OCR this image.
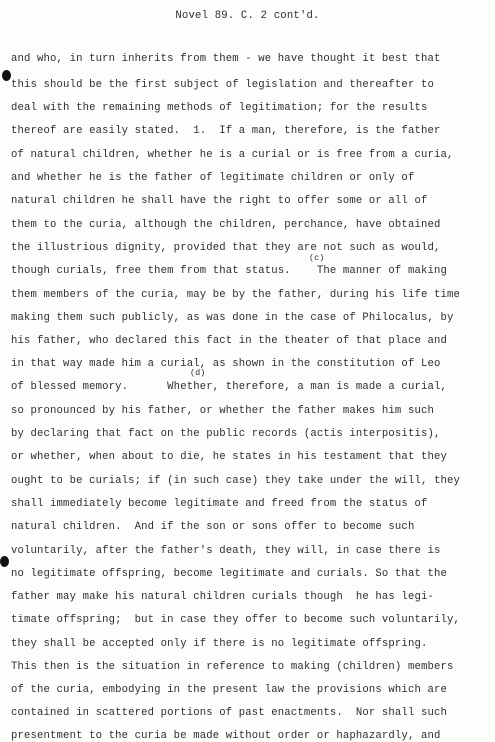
Novel 89. C. 2 cont'd.
and who, in turn inherits from them - we have thought it best that
this should be the first subject of legislation and thereafter to
deal with the remaining methods of legitimation; for the results
thereof are easily stated.  1.  If a man, therefore, is the father
of natural children, whether he is a curial or is free from a curia,
and whether he is the father of legitimate children or only of
natural children he shall have the right to offer some or all of
them to the curia, although the children, perchance, have obtained
the illustrious dignity, provided that they are not such as would,
(c)
though curials, free them from that status.    The manner of making
them members of the curia, may be by the father, during his life time
making them such publicly, as was done in the case of Philocalus, by
his father, who declared this fact in the theater of that place and
in that way made him a curial, as shown in the constitution of Leo
(d)
of blessed memory.      Whether, therefore, a man is made a curial,
so pronounced by his father, or whether the father makes him such
by declaring that fact on the public records (actis interpositis),
or whether, when about to die, he states in his testament that they
ought to be curials; if (in such case) they take under the will, they
shall immediately become legitimate and freed from the status of
natural children.  And if the son or sons offer to become such
voluntarily, after the father's death, they will, in case there is
no legitimate offspring, become legitimate and curials. So that the
father may make his natural children curials though  he has legi-
timate offspring;  but in case they offer to become such voluntarily,
they shall be accepted only if there is no legitimate offspring.
This then is the situation in reference to making (children) members
of the curia, embodying in the present law the provisions which are
contained in scattered portions of past enactments.  Nor shall such
presentment to the curia be made without order or haphazardly, and
